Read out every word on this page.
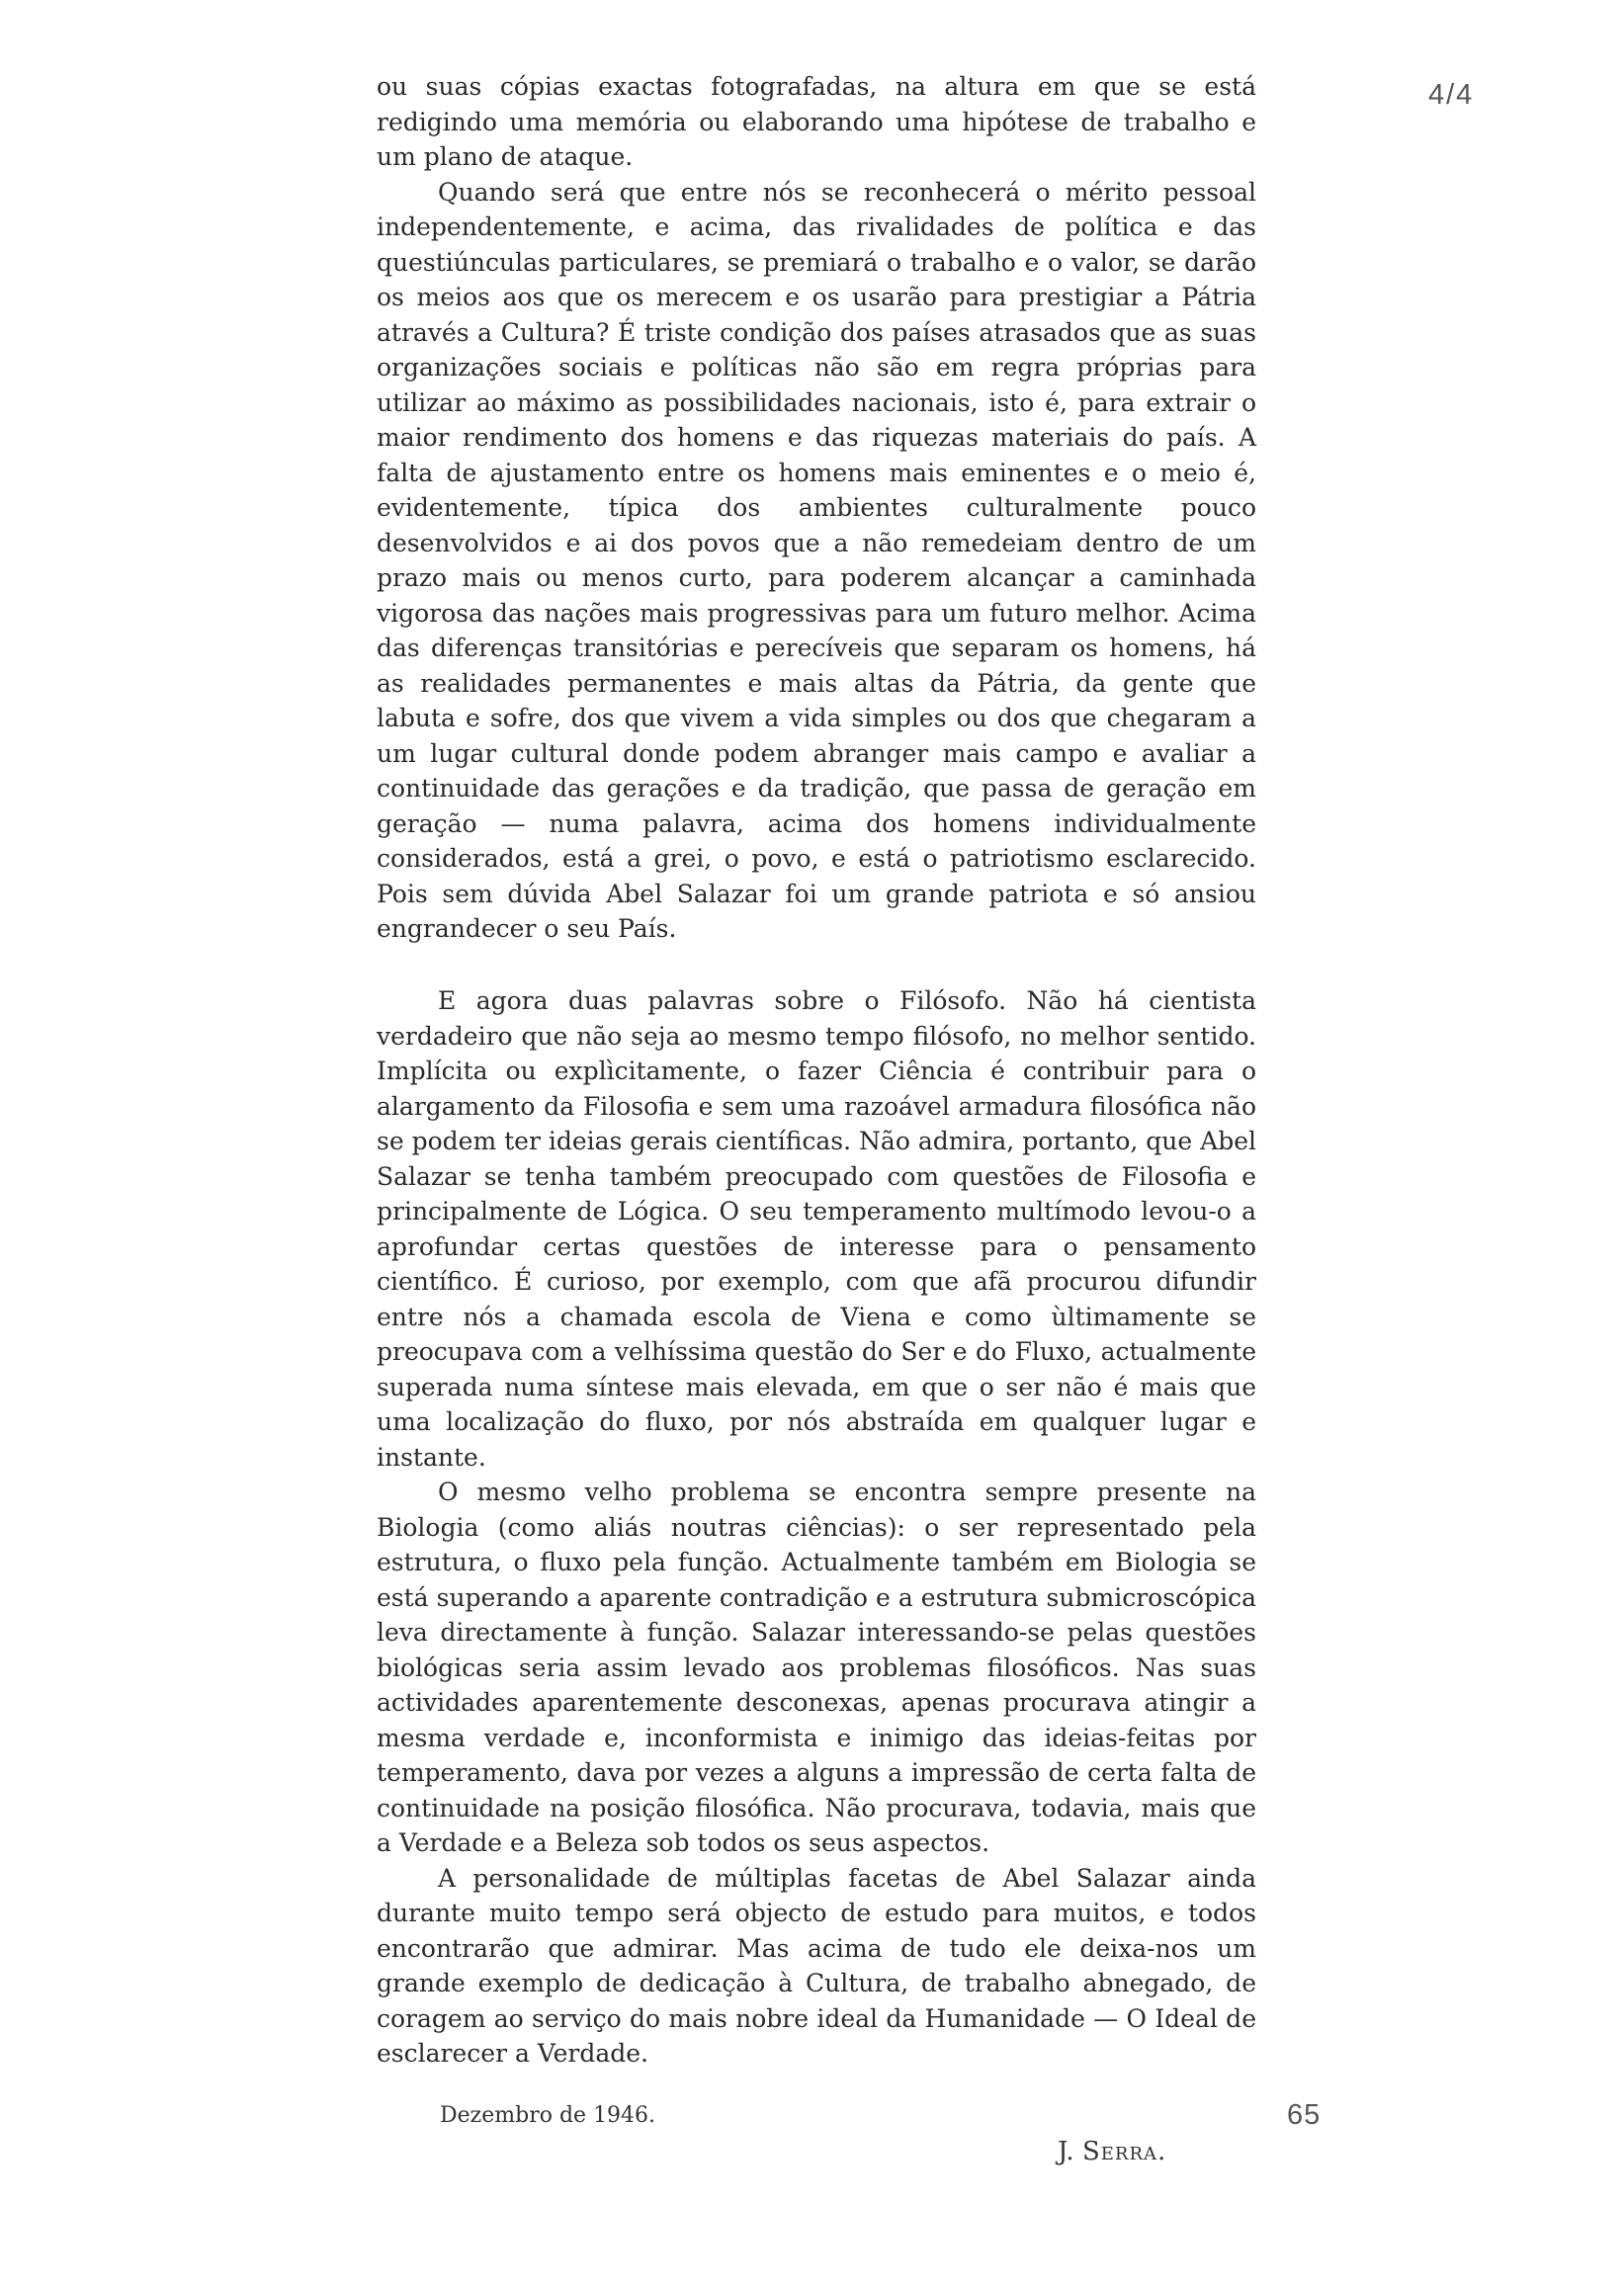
4/4

ou suas cópias exactas fotografadas, na altura em que se está redigindo uma memória ou elaborando uma hipótese de trabalho e um plano de ataque.

Quando será que entre nós se reconhecerá o mérito pessoal independentemente, e acima, das rivalidades de política e das questiúnculas particulares, se premiará o trabalho e o valor, se darão os meios aos que os merecem e os usarão para prestigiar a Pátria através a Cultura? É triste condição dos países atrasados que as suas organizações sociais e políticas não são em regra próprias para utilizar ao máximo as possibilidades nacionais, isto é, para extrair o maior rendimento dos homens e das riquezas materiais do país. A falta de ajustamento entre os homens mais eminentes e o meio é, evidentemente, típica dos ambientes culturalmente pouco desenvolvidos e ai dos povos que a não remedeiam dentro de um prazo mais ou menos curto, para poderem alcançar a caminhada vigorosa das nações mais progressivas para um futuro melhor. Acima das diferenças transitórias e perecíveis que separam os homens, há as realidades permanentes e mais altas da Pátria, da gente que labuta e sofre, dos que vivem a vida simples ou dos que chegaram a um lugar cultural donde podem abranger mais campo e avaliar a continuidade das gerações e da tradição, que passa de geração em geração — numa palavra, acima dos homens individualmente considerados, está a grei, o povo, e está o patriotismo esclarecido. Pois sem dúvida Abel Salazar foi um grande patriota e só ansiou engrandecer o seu País.

E agora duas palavras sobre o Filósofo. Não há cientista verdadeiro que não seja ao mesmo tempo filósofo, no melhor sentido. Implícita ou explìcitamente, o fazer Ciência é contribuir para o alargamento da Filosofia e sem uma razoável armadura filosófica não se podem ter ideias gerais científicas. Não admira, portanto, que Abel Salazar se tenha também preocupado com questões de Filosofia e principalmente de Lógica. O seu temperamento multímodo levou-o a aprofundar certas questões de interesse para o pensamento científico. É curioso, por exemplo, com que afã procurou difundir entre nós a chamada escola de Viena e como ùltimamente se preocupava com a velhíssima questão do Ser e do Fluxo, actualmente superada numa síntese mais elevada, em que o ser não é mais que uma localização do fluxo, por nós abstraída em qualquer lugar e instante.

O mesmo velho problema se encontra sempre presente na Biologia (como aliás noutras ciências): o ser representado pela estrutura, o fluxo pela função. Actualmente também em Biologia se está superando a aparente contradição e a estrutura submicroscópica leva directamente à função. Salazar interessando-se pelas questões biológicas seria assim levado aos problemas filosóficos. Nas suas actividades aparentemente desconexas, apenas procurava atingir a mesma verdade e, inconformista e inimigo das ideias-feitas por temperamento, dava por vezes a alguns a impressão de certa falta de continuidade na posição filosófica. Não procurava, todavia, mais que a Verdade e a Beleza sob todos os seus aspectos.

A personalidade de múltiplas facetas de Abel Salazar ainda durante muito tempo será objecto de estudo para muitos, e todos encontrarão que admirar. Mas acima de tudo ele deixa-nos um grande exemplo de dedicação à Cultura, de trabalho abnegado, de coragem ao serviço do mais nobre ideal da Humanidade — O Ideal de esclarecer a Verdade.

Dezembro de 1946.
J. Serra.
65
